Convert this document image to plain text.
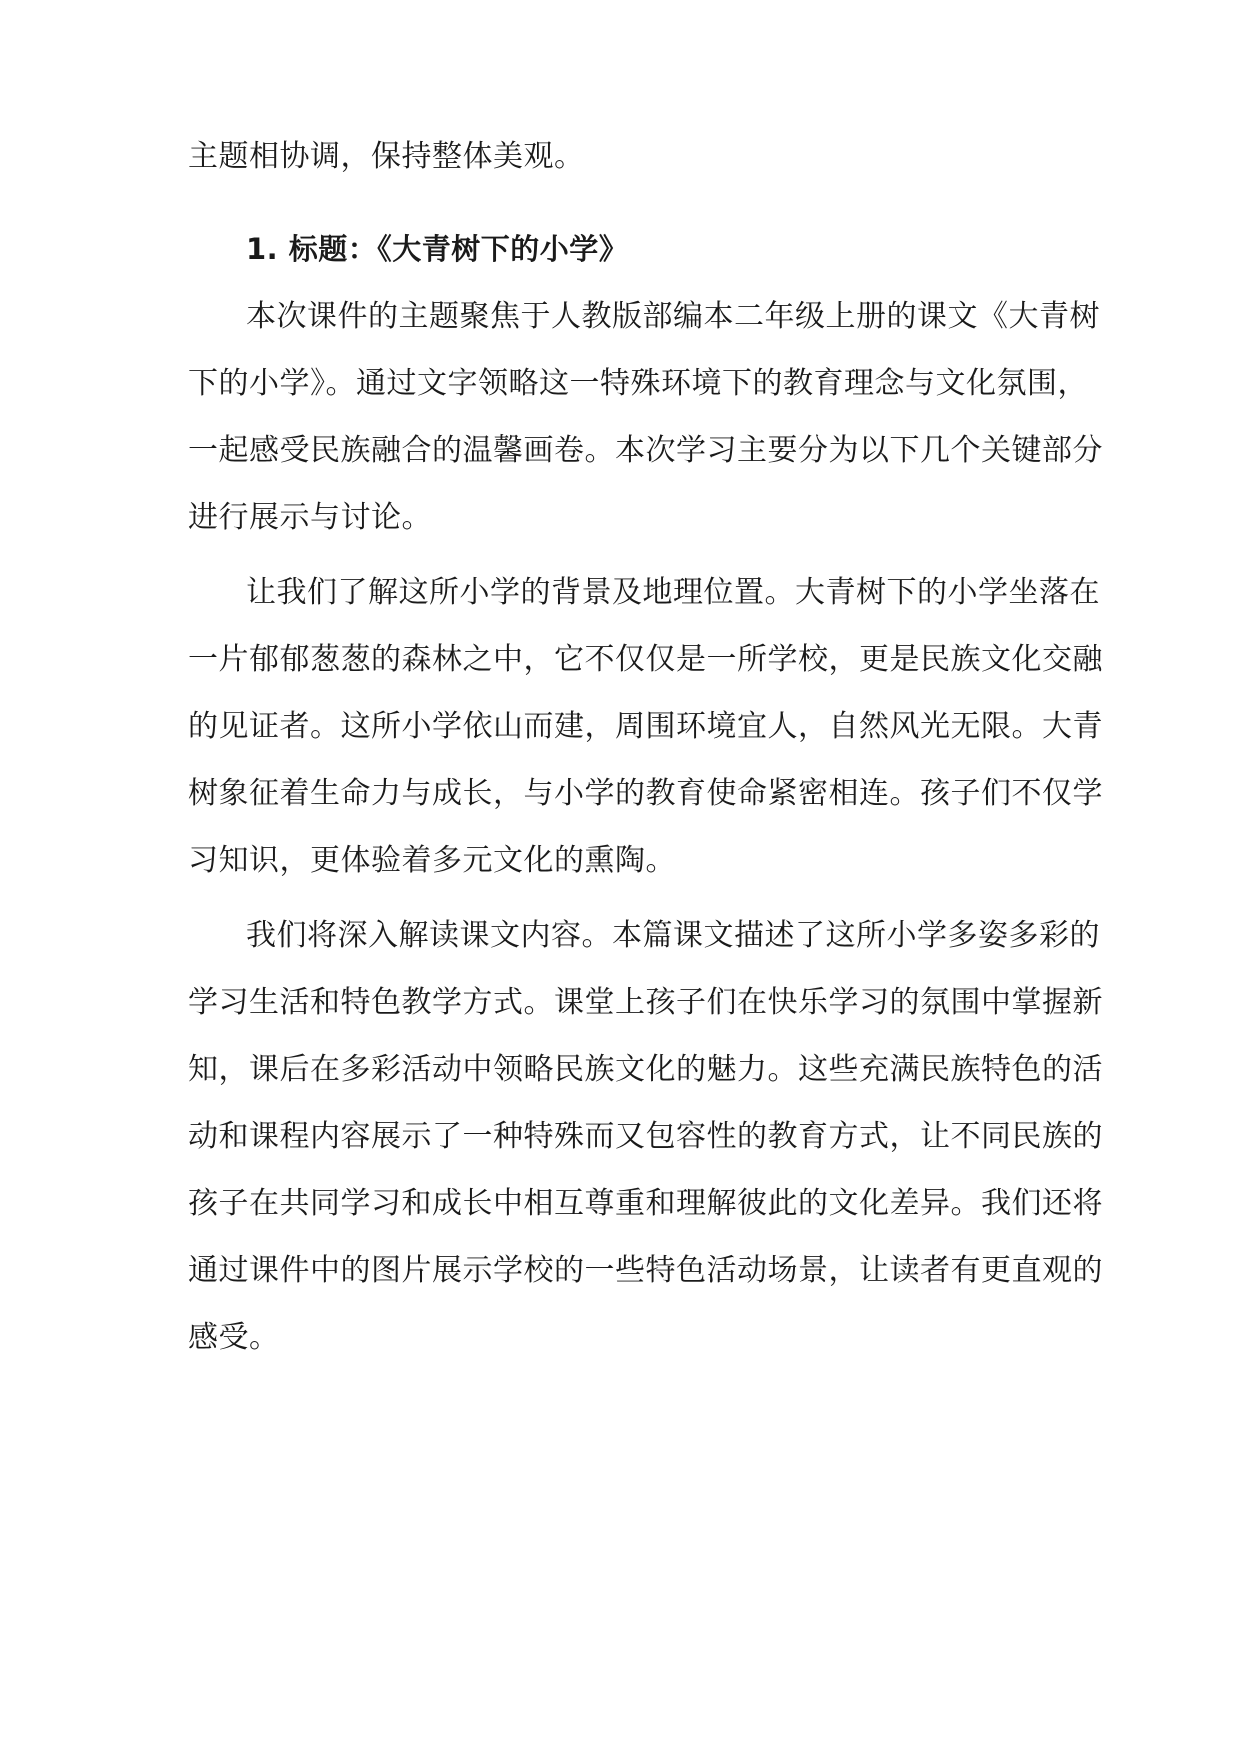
主题相协调，保持整体美观。
1. 标题：《大青树下的小学》
本次课件的主题聚焦于人教版部编本二年级上册的课文《大青树
下的小学》。通过文字领略这一特殊环境下的教育理念与文化氛围，
一起感受民族融合的温馨画卷。本次学习主要分为以下几个关键部分
进行展示与讨论。
让我们了解这所小学的背景及地理位置。大青树下的小学坐落在
一片郁郁葱葱的森林之中，它不仅仅是一所学校，更是民族文化交融
的见证者。这所小学依山而建，周围环境宜人，自然风光无限。大青
树象征着生命力与成长，与小学的教育使命紧密相连。孩子们不仅学
习知识，更体验着多元文化的熏陶。
我们将深入解读课文内容。本篇课文描述了这所小学多姿多彩的
学习生活和特色教学方式。课堂上孩子们在快乐学习的氛围中掌握新
知，课后在多彩活动中领略民族文化的魅力。这些充满民族特色的活
动和课程内容展示了一种特殊而又包容性的教育方式，让不同民族的
孩子在共同学习和成长中相互尊重和理解彼此的文化差异。我们还将
通过课件中的图片展示学校的一些特色活动场景，让读者有更直观的
感受。
